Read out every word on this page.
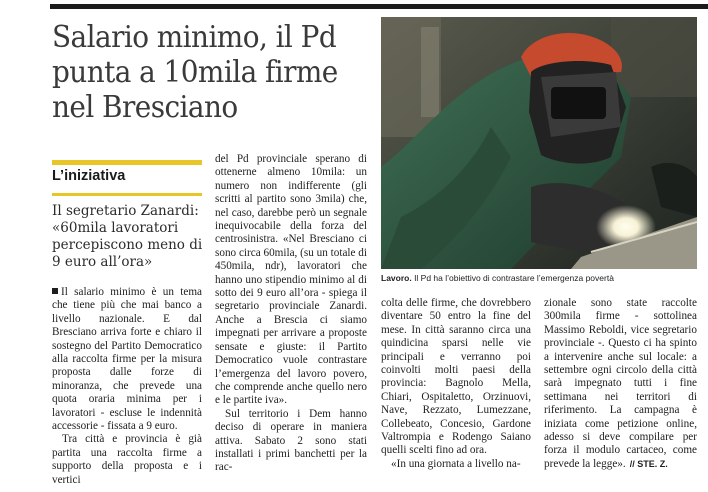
Salario minimo, il Pd punta a 10mila firme nel Bresciano
Lavoro. Il Pd ha l’obiettivo di contrastare l’emergenza povertà
L’iniziativa
Il segretario Zanardi: «60mila lavoratori percepiscono meno di 9 euro all’ora»

Il salario minimo è un tema che tiene più che mai banco a livello nazionale. E dal Bresciano arriva forte e chiaro il sostegno del Partito Democratico alla raccolta firme per la misura proposta dalle forze di minoranza, che prevede una quota oraria minima per i lavoratori - escluse le indennità accessorie - fissata a 9 euro.

Tra città e provincia è già partita una raccolta firme a supporto della proposta e i vertici

del Pd provinciale sperano di ottenerne almeno 10mila: un numero non indifferente (gli scritti al partito sono 3mila) che, nel caso, darebbe però un segnale inequivocabile della forza del centrosinistra. «Nel Bresciano ci sono circa 60mila, (su un totale di 450mila, ndr), lavoratori che hanno uno stipendio minimo al di sotto dei 9 euro all’ora - spiega il segretario provinciale Zanardi. Anche a Brescia ci siamo impegnati per arrivare a proposte sensate e giuste: il Partito Democratico vuole contrastare l’emergenza del lavoro povero, che comprende anche quello nero e le partite iva».

Sul territorio i Dem hanno deciso di operare in maniera attiva. Sabato 2 sono stati installati i primi banchetti per la rac-

colta delle firme, che dovrebbero diventare 50 entro la fine del mese. In città saranno circa una quindicina sparsi nelle vie principali e verranno poi coinvolti molti paesi della provincia: Bagnolo Mella, Chiari, Ospitaletto, Orzinuovi, Nave, Rezzato, Lumezzane, Collebeato, Concesio, Gardone Valtrompia e Rodengo Saiano quelli scelti fino ad ora.

«In una giornata a livello na-

zionale sono state raccolte 300mila firme - sottolinea Massimo Reboldi, vice segretario provinciale -. Questo ci ha spinto a intervenire anche sul locale: a settembre ogni circolo della città sarà impegnato tutti i fine settimana nei territori di riferimento. La campagna è iniziata come petizione online, adesso si deve compilare per forza il modulo cartaceo, come prevede la legge». // STE. Z.
